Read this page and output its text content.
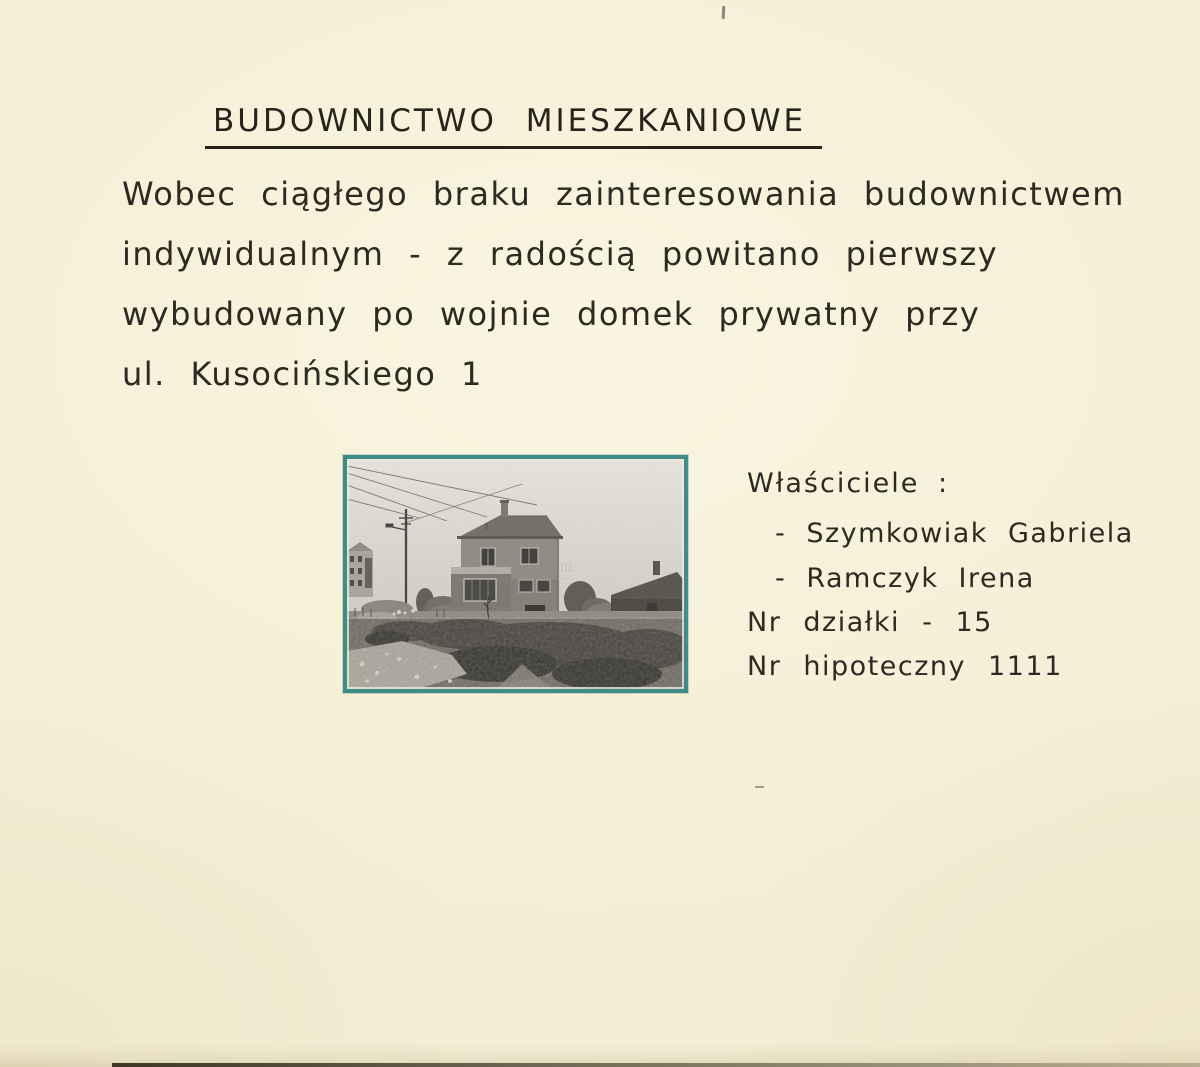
BUDOWNICTWO MIESZKANIOWE
Wobec ciągłego braku zainteresowania budownictwem
indywidualnym - z radością powitano pierwszy
wybudowany po wojnie domek prywatny przy
ul. Kusocińskiego 1
Właściciele :
- Szymkowiak Gabriela
- Ramczyk Irena
Nr działki - 15
Nr hipoteczny 1111
